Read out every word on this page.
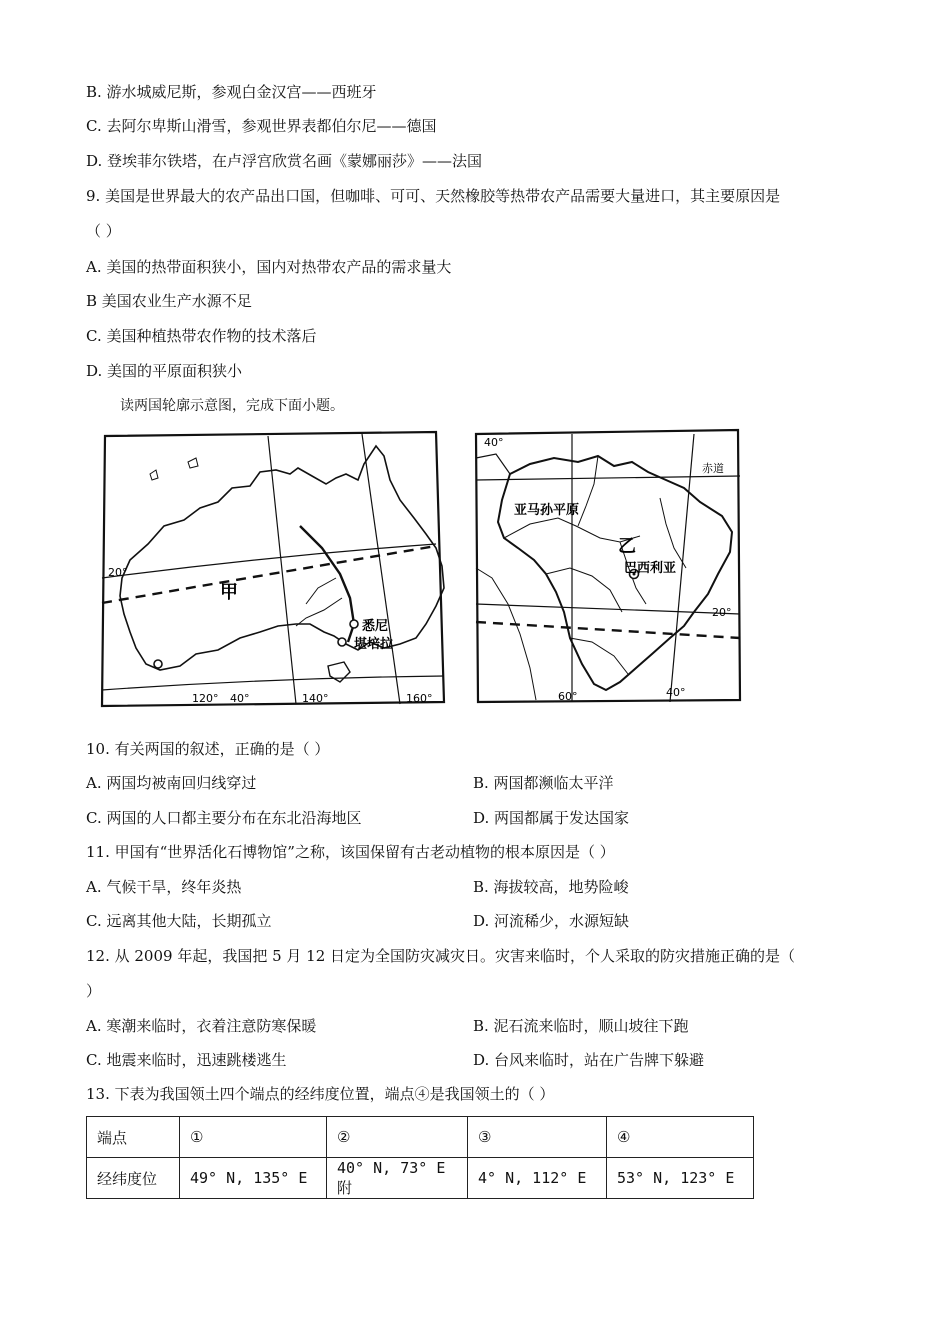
B. 游水城威尼斯，参观白金汉宫——西班牙
C. 去阿尔卑斯山滑雪，参观世界表都伯尔尼——德国
D. 登埃菲尔铁塔，在卢浮宫欣赏名画《蒙娜丽莎》——法国
9. 美国是世界最大的农产品出口国，但咖啡、可可、天然橡胶等热带农产品需要大量进口，其主要原因是
（ ）
A. 美国的热带面积狭小，国内对热带农产品的需求量大
B 美国农业生产水源不足
C. 美国种植热带农作物的技术落后
D. 美国的平原面积狭小
读两国轮廓示意图，完成下面小题。
甲
悉尼
堪培拉
20°
120° 40°	140°	160°
40°
赤道
亚马孙平原
乙
巴西利亚
20°
60°	40°
10. 有关两国的叙述，正确的是（ ）
A. 两国均被南回归线穿过	B. 两国都濒临太平洋
C. 两国的人口都主要分布在东北沿海地区	D. 两国都属于发达国家
11. 甲国有“世界活化石博物馆”之称，该国保留有古老动植物的根本原因是（ ）
A. 气候干旱，终年炎热	B. 海拔较高，地势险峻
C. 远离其他大陆，长期孤立	D. 河流稀少，水源短缺
12. 从 2009 年起，我国把 5 月 12 日定为全国防灾减灾日。灾害来临时，个人采取的防灾措施正确的是（
）
A. 寒潮来临时，衣着注意防寒保暖	B. 泥石流来临时，顺山坡往下跑
C. 地震来临时，迅速跳楼逃生	D. 台风来临时，站在广告牌下躲避
13. 下表为我国领土四个端点的经纬度位置，端点④是我国领土的（ ）
端点	①	②	③	④
经纬度位	49° N, 135° E	40° N, 73° E附	4° N, 112° E	53° N, 123° E
